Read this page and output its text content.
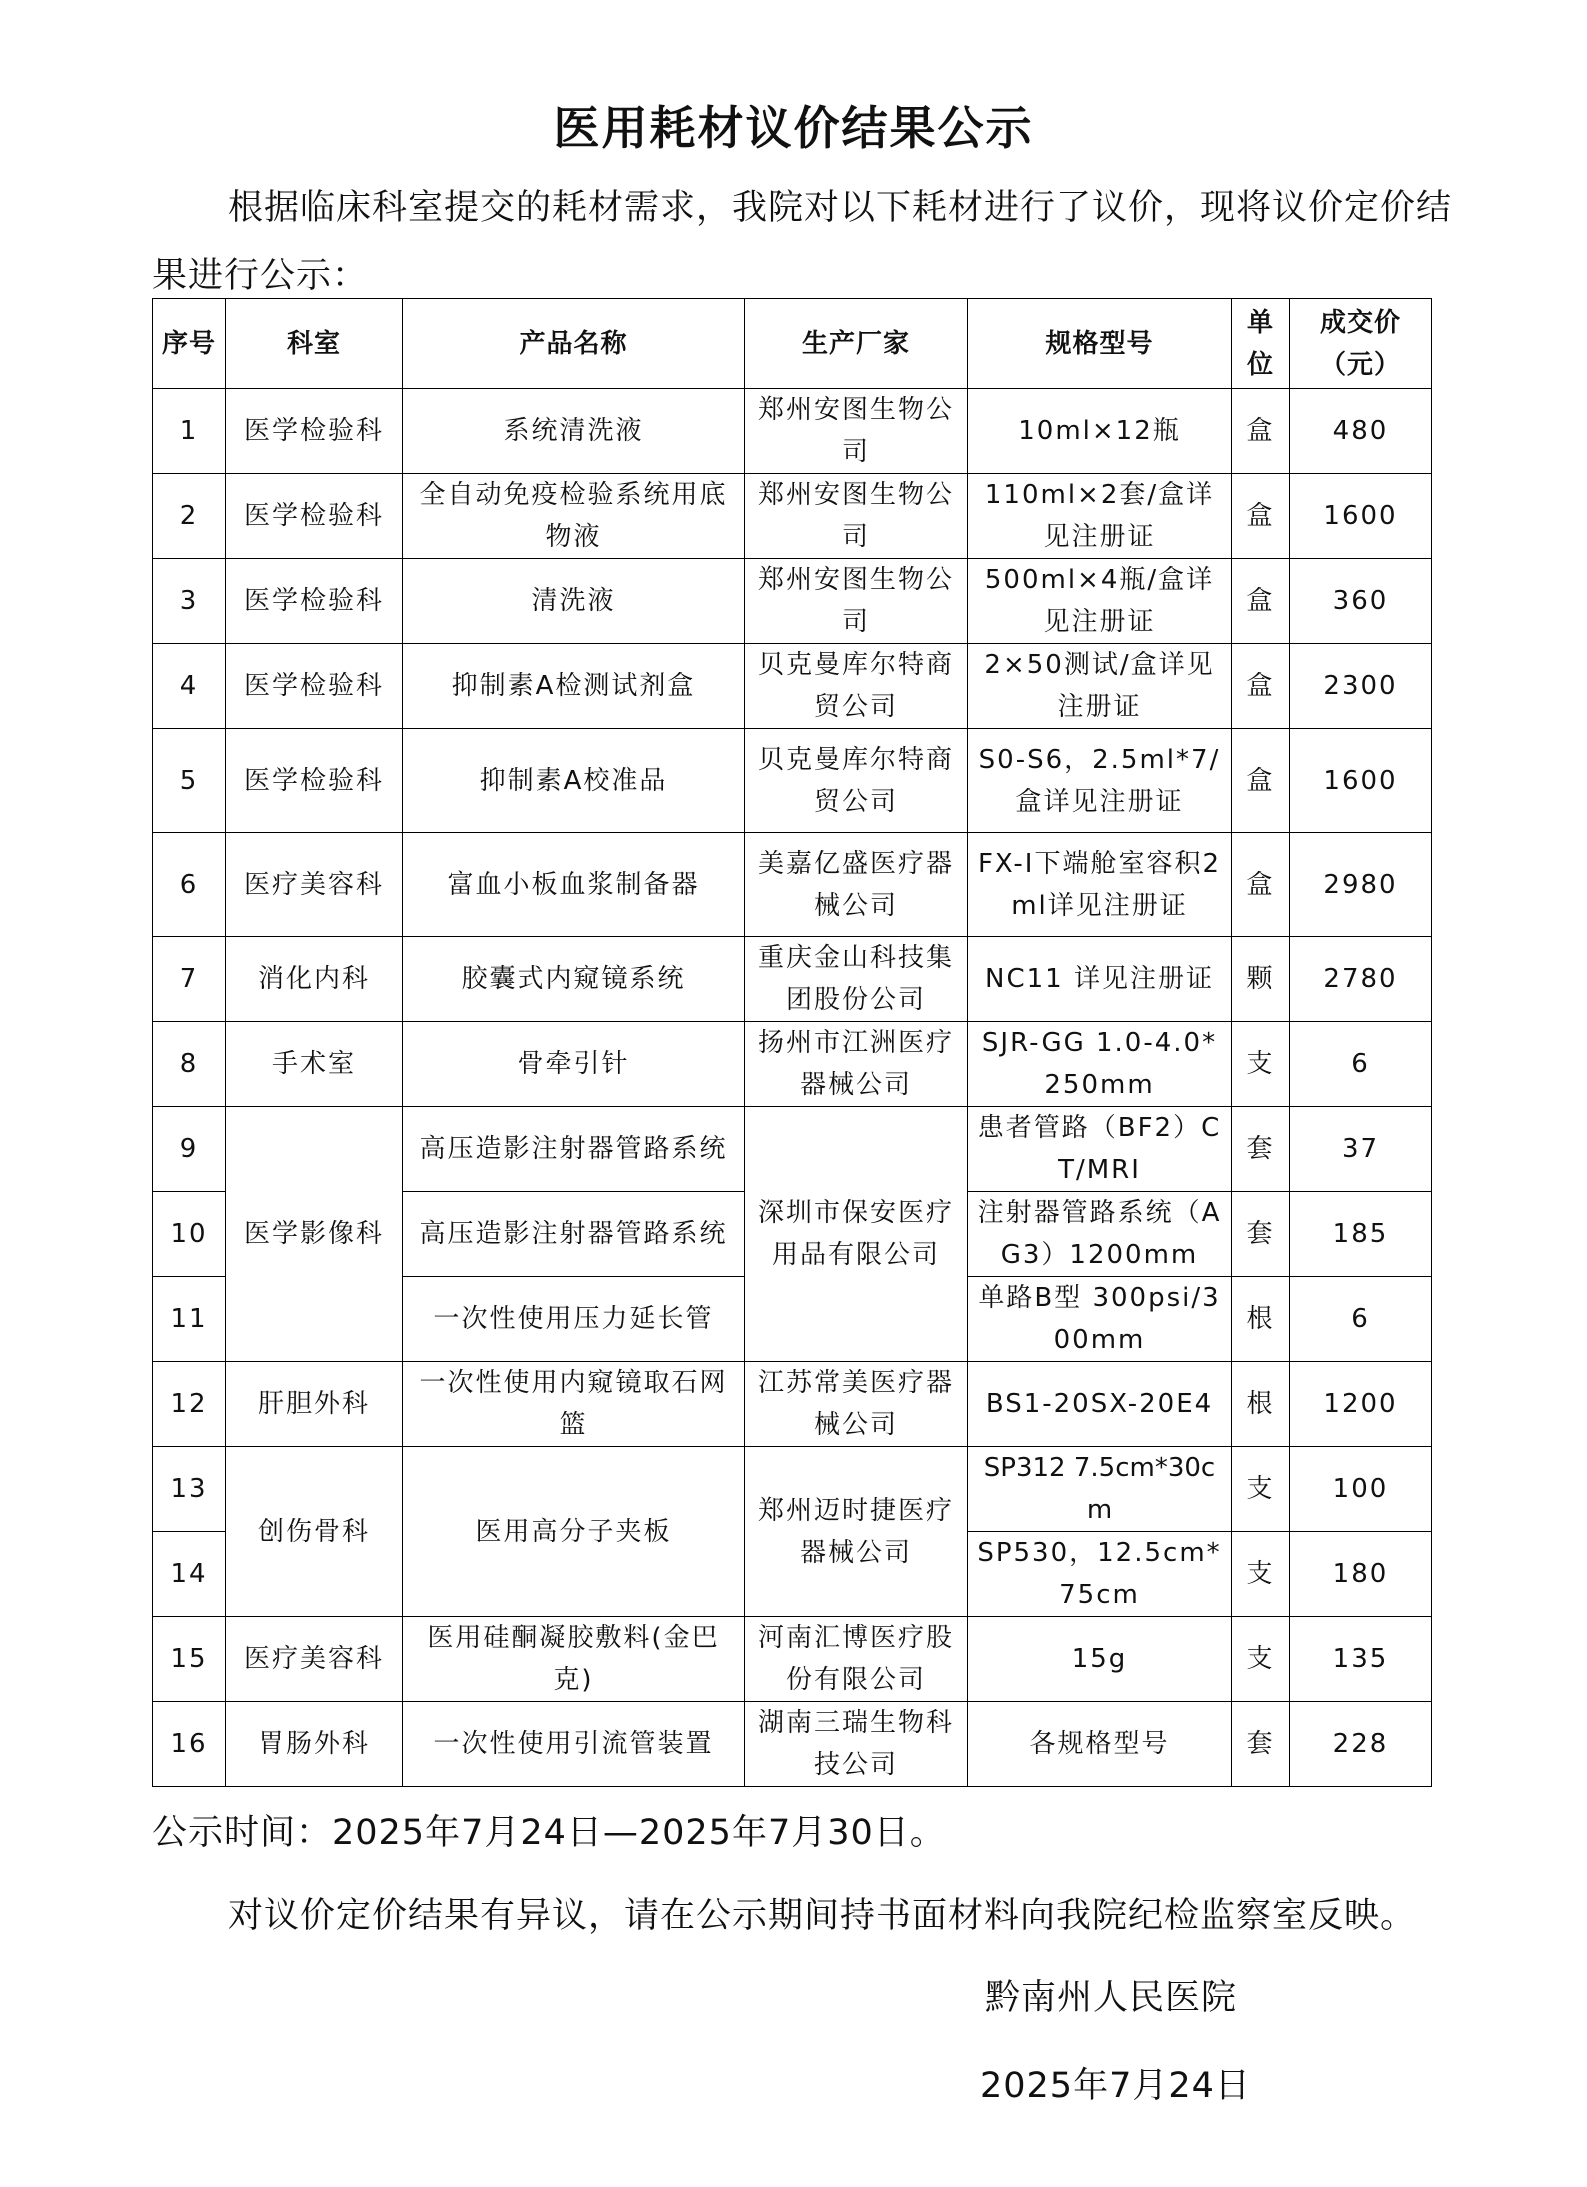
医用耗材议价结果公示
根据临床科室提交的耗材需求，我院对以下耗材进行了议价，现将议价定价结果进行公示：
序号	科室	产品名称	生产厂家	规格型号	单位	成交价（元）
1	医学检验科	系统清洗液	郑州安图生物公司	10ml×12瓶	盒	480
2	医学检验科	全自动免疫检验系统用底物液	郑州安图生物公司	110ml×2套/盒详见注册证	盒	1600
3	医学检验科	清洗液	郑州安图生物公司	500ml×4瓶/盒详见注册证	盒	360
4	医学检验科	抑制素A检测试剂盒	贝克曼库尔特商贸公司	2×50测试/盒详见注册证	盒	2300
5	医学检验科	抑制素A校准品	贝克曼库尔特商贸公司	S0-S6，2.5ml*7/盒详见注册证	盒	1600
6	医疗美容科	富血小板血浆制备器	美嘉亿盛医疗器械公司	FX-I下端舱室容积2ml详见注册证	盒	2980
7	消化内科	胶囊式内窥镜系统	重庆金山科技集团股份公司	NC11 详见注册证	颗	2780
8	手术室	骨牵引针	扬州市江洲医疗器械公司	SJR-GG 1.0-4.0*250mm	支	6
9	医学影像科	高压造影注射器管路系统	深圳市保安医疗用品有限公司	患者管路（BF2）CT/MRI	套	37
10		高压造影注射器管路系统		注射器管路系统（AG3）1200mm	套	185
11		一次性使用压力延长管		单路B型 300psi/300mm	根	6
12	肝胆外科	一次性使用内窥镜取石网篮	江苏常美医疗器械公司	BS1-20SX-20E4	根	1200
13	创伤骨科	医用高分子夹板	郑州迈时捷医疗器械公司	SP312 7.5cm*30cm	支	100
14				SP530，12.5cm*75cm	支	180
15	医疗美容科	医用硅酮凝胶敷料(金巴克)	河南汇博医疗股份有限公司	15g	支	135
16	胃肠外科	一次性使用引流管装置	湖南三瑞生物科技公司	各规格型号	套	228
公示时间：2025年7月24日—2025年7月30日。
对议价定价结果有异议，请在公示期间持书面材料向我院纪检监察室反映。
黔南州人民医院
2025年7月24日
